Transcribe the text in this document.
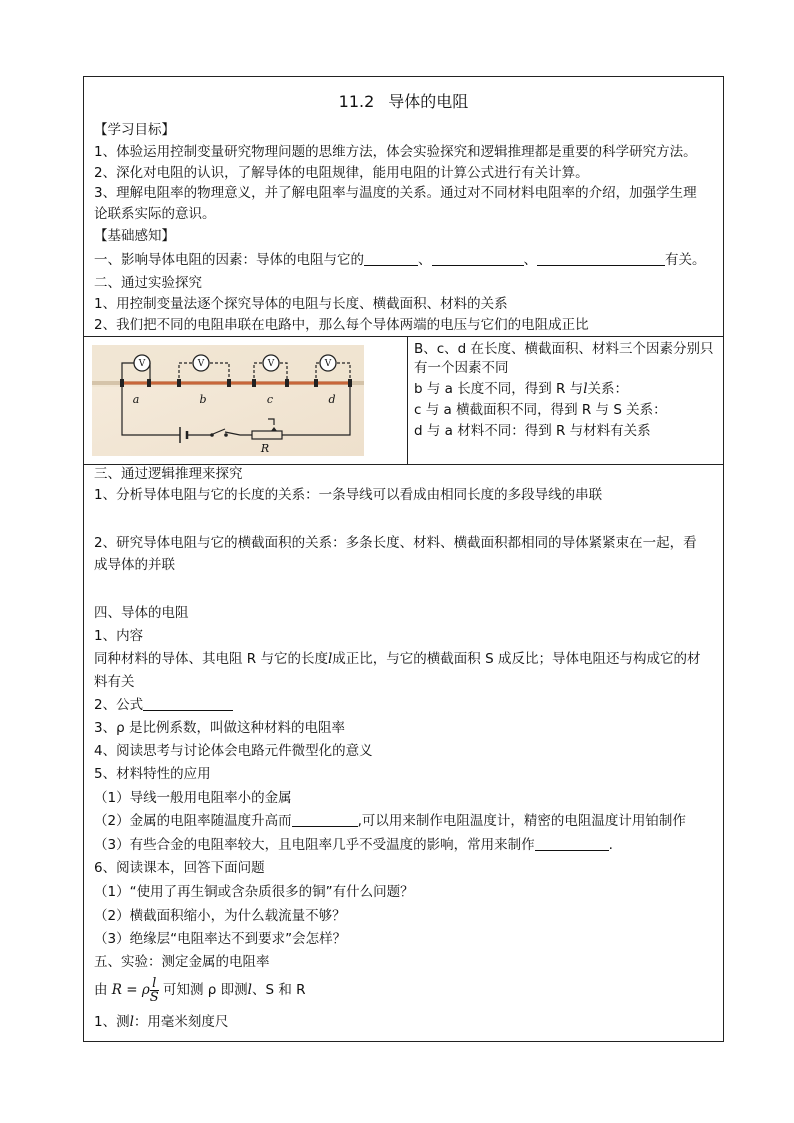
11.2 导体的电阻
【学习目标】
1、体验运用控制变量研究物理问题的思维方法，体会实验探究和逻辑推理都是重要的科学研究方法。
2、深化对电阻的认识，了解导体的电阻规律，能用电阻的计算公式进行有关计算。
3、理解电阻率的物理意义，并了解电阻率与温度的关系。通过对不同材料电阻率的介绍，加强学生理
论联系实际的意识。
【基础感知】
一、影响导体电阻的因素：导体的电阻与它的	、	、	有关。
二、通过实验探究
1、用控制变量法逐个探究导体的电阻与长度、横截面积、材料的关系
2、我们把不同的电阻串联在电路中，那么每个导体两端的电压与它们的电阻成正比
V	V	V	V
a	b	c	d
R
B、c、d 在长度、横截面积、材料三个因素分别只
有一个因素不同
b 与 a 长度不同，得到 R 与l关系：
c 与 a 横截面积不同，得到 R 与 S 关系：
d 与 a 材料不同：得到 R 与材料有关系
三、通过逻辑推理来探究
1、分析导体电阻与它的长度的关系：一条导线可以看成由相同长度的多段导线的串联
2、研究导体电阻与它的横截面积的关系：多条长度、材料、横截面积都相同的导体紧紧束在一起，看
成导体的并联
四、导体的电阻
1、内容
同种材料的导体、其电阻 R 与它的长度l成正比，与它的横截面积 S 成反比；导体电阻还与构成它的材
料有关
2、公式
3、ρ 是比例系数，叫做这种材料的电阻率
4、阅读思考与讨论体会电路元件微型化的意义
5、材料特性的应用
（1）导线一般用电阻率小的金属
（2）金属的电阻率随温度升高而	,可以用来制作电阻温度计，精密的电阻温度计用铂制作
（3）有些合金的电阻率较大，且电阻率几乎不受温度的影响，常用来制作	.
6、阅读课本，回答下面问题
（1）“使用了再生铜或含杂质很多的铜”有什么问题？
（2）横截面积缩小，为什么载流量不够？
（3）绝缘层“电阻率达不到要求”会怎样？
五、实验：测定金属的电阻率
由 R = ρ $\frac{l}{S}$ 可知测 ρ 即测l、S 和 R
1、测l：用毫米刻度尺
